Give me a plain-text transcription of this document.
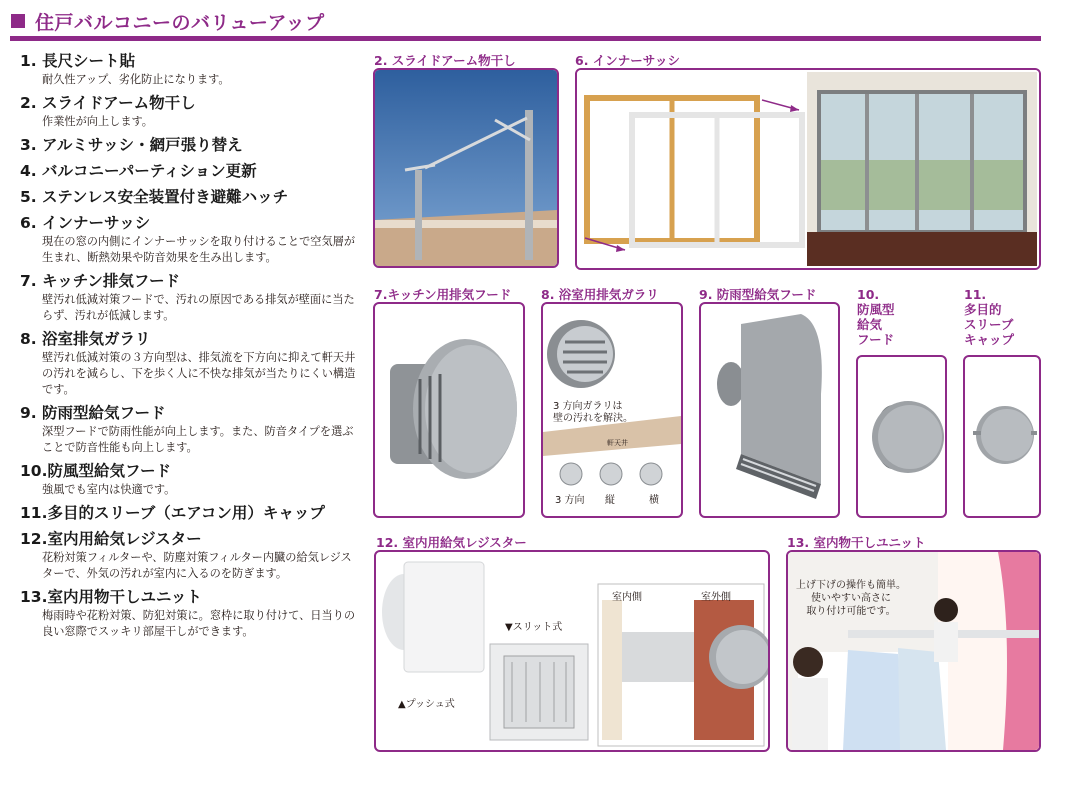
住戸バルコニーのバリューアップ
1. 長尺シート貼
耐久性アップ、劣化防止になります。
2. スライドアーム物干し
作業性が向上します。
3. アルミサッシ・網戸張り替え
4. バルコニーパーティション更新
5. ステンレス安全装置付き避難ハッチ
6. インナーサッシ
現在の窓の内側にインナーサッシを取り付けることで空気層が生まれ、断熱効果や防音効果を生み出します。
7. キッチン排気フード
壁汚れ低減対策フードで、汚れの原因である排気が壁面に当たらず、汚れが低減します。
8. 浴室排気ガラリ
壁汚れ低減対策の３方向型は、排気流を下方向に抑えて軒天井の汚れを減らし、下を歩く人に不快な排気が当たりにくい構造です。
9. 防雨型給気フード
深型フードで防雨性能が向上します。また、防音タイプを選ぶことで防音性能も向上します。
10.防風型給気フード
強風でも室内は快適です。
11.多目的スリーブ（エアコン用）キャップ
12.室内用給気レジスター
花粉対策フィルターや、防塵対策フィルター内臓の給気レジスターで、外気の汚れが室内に入るのを防ぎます。
13.室内用物干しユニット
梅雨時や花粉対策、防犯対策に。窓枠に取り付けて、日当りの良い窓際でスッキリ部屋干しができます。
2. スライドアーム物干し	6. インナーサッシ
7.キッチン用排気フード 8. 浴室用排気ガラリ
3 方向ガラリは
壁の汚れを解決。
軒天井
3 方向 縦	横
9. 防雨型給気フード	10.
防風型
給気
フード
11.
多目的
スリーブ
キャップ
12. 室内用給気レジスター
▼スリット式
▲プッシュ式
室内側	室外側
13. 室内物干しユニット
上げ下げの操作も簡単。
使いやすい高さに
取り付け可能です。
